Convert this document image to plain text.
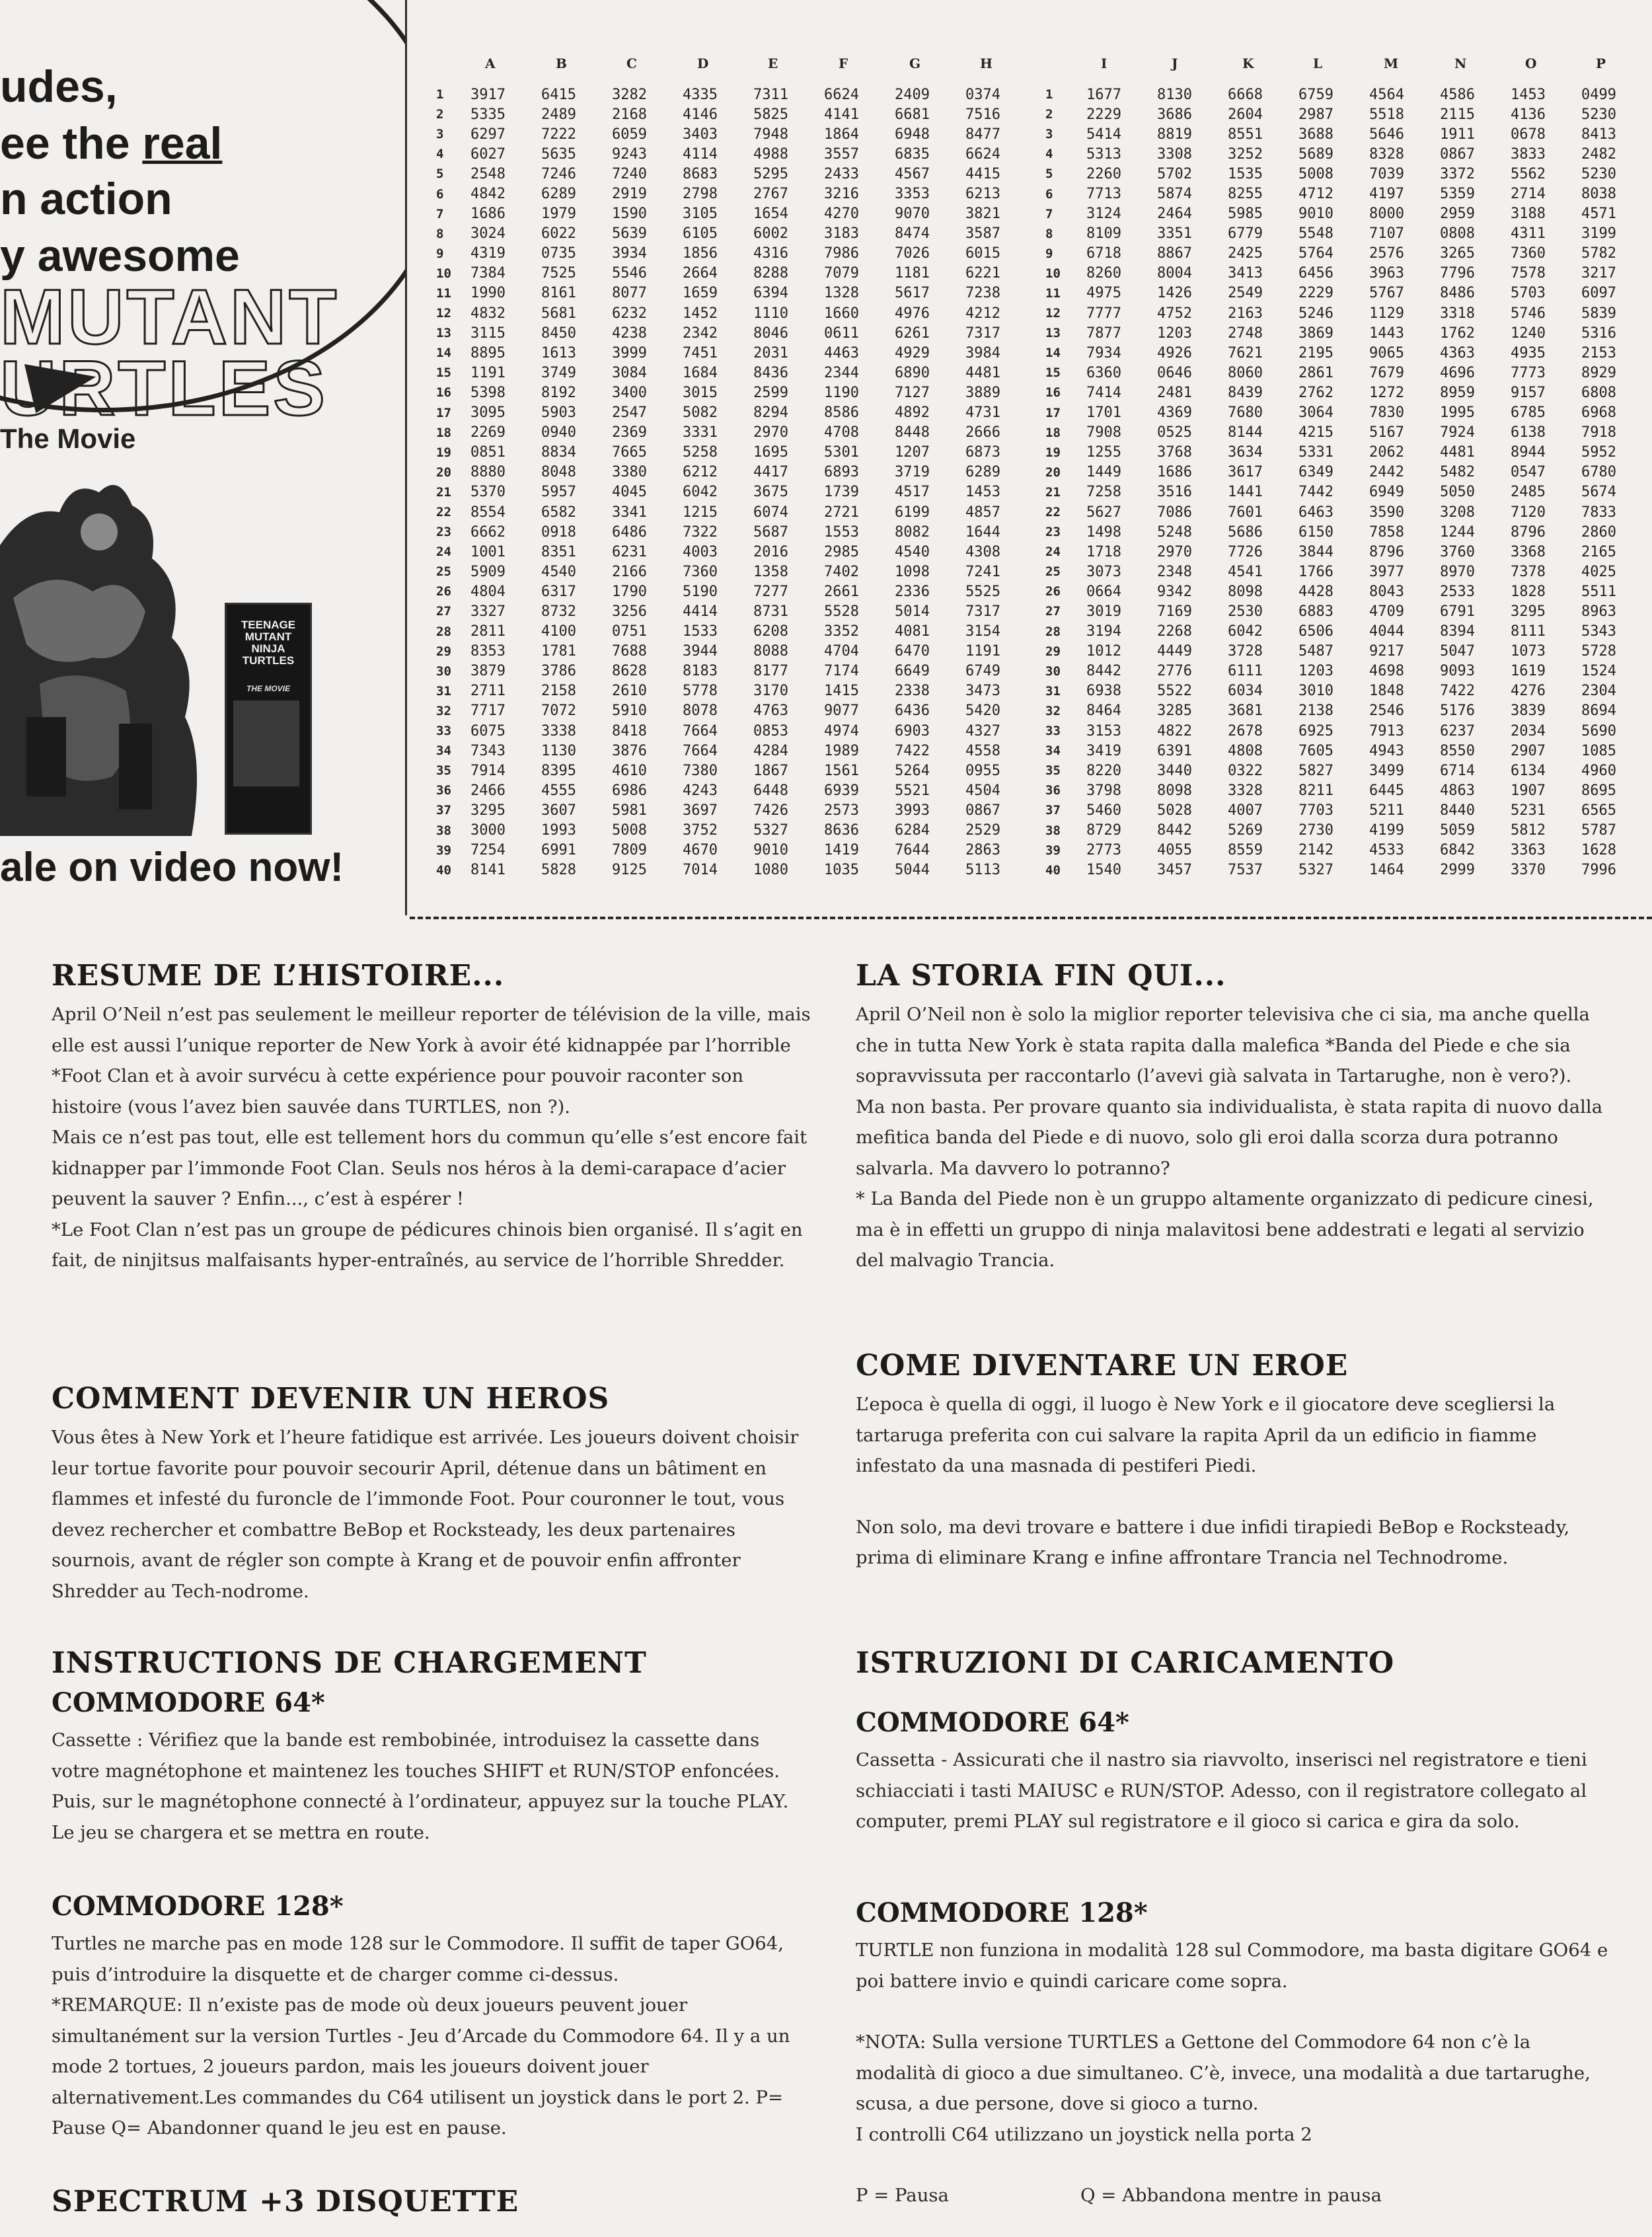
udes,
ee the real
n action
y awesome
MUTANT
URTLES
The Movie
TEENAGE MUTANT NINJA TURTLES
THE MOVIE
ale on video now!
	A	B	C	D	E	F	G	H		I	J	K	L	M	N	O	P
1	3917	6415	3282	4335	7311	6624	2409	0374	1	1677	8130	6668	6759	4564	4586	1453	0499
2	5335	2489	2168	4146	5825	4141	6681	7516	2	2229	3686	2604	2987	5518	2115	4136	5230
3	6297	7222	6059	3403	7948	1864	6948	8477	3	5414	8819	8551	3688	5646	1911	0678	8413
4	6027	5635	9243	4114	4988	3557	6835	6624	4	5313	3308	3252	5689	8328	0867	3833	2482
5	2548	7246	7240	8683	5295	2433	4567	4415	5	2260	5702	1535	5008	7039	3372	5562	5230
6	4842	6289	2919	2798	2767	3216	3353	6213	6	7713	5874	8255	4712	4197	5359	2714	8038
7	1686	1979	1590	3105	1654	4270	9070	3821	7	3124	2464	5985	9010	8000	2959	3188	4571
8	3024	6022	5639	6105	6002	3183	8474	3587	8	8109	3351	6779	5548	7107	0808	4311	3199
9	4319	0735	3934	1856	4316	7986	7026	6015	9	6718	8867	2425	5764	2576	3265	7360	5782
10	7384	7525	5546	2664	8288	7079	1181	6221	10	8260	8004	3413	6456	3963	7796	7578	3217
11	1990	8161	8077	1659	6394	1328	5617	7238	11	4975	1426	2549	2229	5767	8486	5703	6097
12	4832	5681	6232	1452	1110	1660	4976	4212	12	7777	4752	2163	5246	1129	3318	5746	5839
13	3115	8450	4238	2342	8046	0611	6261	7317	13	7877	1203	2748	3869	1443	1762	1240	5316
14	8895	1613	3999	7451	2031	4463	4929	3984	14	7934	4926	7621	2195	9065	4363	4935	2153
15	1191	3749	3084	1684	8436	2344	6890	4481	15	6360	0646	8060	2861	7679	4696	7773	8929
16	5398	8192	3400	3015	2599	1190	7127	3889	16	7414	2481	8439	2762	1272	8959	9157	6808
17	3095	5903	2547	5082	8294	8586	4892	4731	17	1701	4369	7680	3064	7830	1995	6785	6968
18	2269	0940	2369	3331	2970	4708	8448	2666	18	7908	0525	8144	4215	5167	7924	6138	7918
19	0851	8834	7665	5258	1695	5301	1207	6873	19	1255	3768	3634	5331	2062	4481	8944	5952
20	8880	8048	3380	6212	4417	6893	3719	6289	20	1449	1686	3617	6349	2442	5482	0547	6780
21	5370	5957	4045	6042	3675	1739	4517	1453	21	7258	3516	1441	7442	6949	5050	2485	5674
22	8554	6582	3341	1215	6074	2721	6199	4857	22	5627	7086	7601	6463	3590	3208	7120	7833
23	6662	0918	6486	7322	5687	1553	8082	1644	23	1498	5248	5686	6150	7858	1244	8796	2860
24	1001	8351	6231	4003	2016	2985	4540	4308	24	1718	2970	7726	3844	8796	3760	3368	2165
25	5909	4540	2166	7360	1358	7402	1098	7241	25	3073	2348	4541	1766	3977	8970	7378	4025
26	4804	6317	1790	5190	7277	2661	2336	5525	26	0664	9342	8098	4428	8043	2533	1828	5511
27	3327	8732	3256	4414	8731	5528	5014	7317	27	3019	7169	2530	6883	4709	6791	3295	8963
28	2811	4100	0751	1533	6208	3352	4081	3154	28	3194	2268	6042	6506	4044	8394	8111	5343
29	8353	1781	7688	3944	8088	4704	6470	1191	29	1012	4449	3728	5487	9217	5047	1073	5728
30	3879	3786	8628	8183	8177	7174	6649	6749	30	8442	2776	6111	1203	4698	9093	1619	1524
31	2711	2158	2610	5778	3170	1415	2338	3473	31	6938	5522	6034	3010	1848	7422	4276	2304
32	7717	7072	5910	8078	4763	9077	6436	5420	32	8464	3285	3681	2138	2546	5176	3839	8694
33	6075	3338	8418	7664	0853	4974	6903	4327	33	3153	4822	2678	6925	7913	6237	2034	5690
34	7343	1130	3876	7664	4284	1989	7422	4558	34	3419	6391	4808	7605	4943	8550	2907	1085
35	7914	8395	4610	7380	1867	1561	5264	0955	35	8220	3440	0322	5827	3499	6714	6134	4960
36	2466	4555	6986	4243	6448	6939	5521	4504	36	3798	8098	3328	8211	6445	4863	1907	8695
37	3295	3607	5981	3697	7426	2573	3993	0867	37	5460	5028	4007	7703	5211	8440	5231	6565
38	3000	1993	5008	3752	5327	8636	6284	2529	38	8729	8442	5269	2730	4199	5059	5812	5787
39	7254	6991	7809	4670	9010	1419	7644	2863	39	2773	4055	8559	2142	4533	6842	3363	1628
40	8141	5828	9125	7014	1080	1035	5044	5113	40	1540	3457	7537	5327	1464	2999	3370	7996
RESUME DE L’HISTOIRE...

April O’Neil n’est pas seulement le meilleur reporter de télévision de la ville, mais elle est aussi l’unique reporter de New York à avoir été kidnappée par l’horrible *Foot Clan et à avoir survécu à cette expérience pour pouvoir raconter son histoire (vous l’avez bien sauvée dans TURTLES, non ?).

Mais ce n’est pas tout, elle est tellement hors du commun qu’elle s’est encore fait kidnapper par l’immonde Foot Clan. Seuls nos héros à la demi-carapace d’acier peuvent la sauver ? Enfin..., c’est à espérer !

*Le Foot Clan n’est pas un groupe de pédicures chinois bien organisé. Il s’agit en fait, de ninjitsus malfaisants hyper-entraînés, au service de l’horrible Shredder.

COMMENT DEVENIR UN HEROS

Vous êtes à New York et l’heure fatidique est arrivée. Les joueurs doivent choisir leur tortue favorite pour pouvoir secourir April, détenue dans un bâtiment en flammes et infesté du furoncle de l’immonde Foot. Pour couronner le tout, vous devez rechercher et combattre BeBop et Rocksteady, les deux partenaires sournois, avant de régler son compte à Krang et de pouvoir enfin affronter Shredder au Tech-nodrome.

INSTRUCTIONS DE CHARGEMENT
COMMODORE 64*

Cassette : Vérifiez que la bande est rembobinée, introduisez la cassette dans votre magnétophone et maintenez les touches SHIFT et RUN/STOP enfoncées. Puis, sur le magnétophone connecté à l’ordinateur, appuyez sur la touche PLAY. Le jeu se chargera et se mettra en route.

COMMODORE 128*

Turtles ne marche pas en mode 128 sur le Commodore. Il suffit de taper GO64, puis d’introduire la disquette et de charger comme ci-dessus.

*REMARQUE: Il n’existe pas de mode où deux joueurs peuvent jouer simultanément sur la version Turtles - Jeu d’Arcade du Commodore 64. Il y a un mode 2 tortues, 2 joueurs pardon, mais les joueurs doivent jouer alternativement.Les commandes du C64 utilisent un joystick dans le port 2. P= Pause Q= Abandonner quand le jeu est en pause.

SPECTRUM +3 DISQUETTE
LA STORIA FIN QUI...

April O’Neil non è solo la miglior reporter televisiva che ci sia, ma anche quella che in tutta New York è stata rapita dalla malefica *Banda del Piede e che sia sopravvissuta per raccontarlo (l’avevi già salvata in Tartarughe, non è vero?).

Ma non basta. Per provare quanto sia individualista, è stata rapita di nuovo dalla mefitica banda del Piede e di nuovo, solo gli eroi dalla scorza dura potranno salvarla. Ma davvero lo potranno?

* La Banda del Piede non è un gruppo altamente organizzato di pedicure cinesi, ma è in effetti un gruppo di ninja malavitosi bene addestrati e legati al servizio del malvagio Trancia.

COME DIVENTARE UN EROE

L’epoca è quella di oggi, il luogo è New York e il giocatore deve scegliersi la tartaruga preferita con cui salvare la rapita April da un edificio in fiamme infestato da una masnada di pestiferi Piedi.

Non solo, ma devi trovare e battere i due infidi tirapiedi BeBop e Rocksteady, prima di eliminare Krang e infine affrontare Trancia nel Technodrome.

ISTRUZIONI DI CARICAMENTO
COMMODORE 64*

Cassetta - Assicurati che il nastro sia riavvolto, inserisci nel registratore e tieni schiacciati i tasti MAIUSC e RUN/STOP. Adesso, con il registratore collegato al computer, premi PLAY sul registratore e il gioco si carica e gira da solo.

COMMODORE 128*

TURTLE non funziona in modalità 128 sul Commodore, ma basta digitare GO64 e poi battere invio e quindi caricare come sopra.

*NOTA: Sulla versione TURTLES a Gettone del Commodore 64 non c’è la modalità di gioco a due simultaneo. C’è, invece, una modalità a due tartarughe, scusa, a due persone, dove si gioco a turno.

I controlli C64 utilizzano un joystick nella porta 2

P = Pausa	Q = Abbandona mentre in pausa
